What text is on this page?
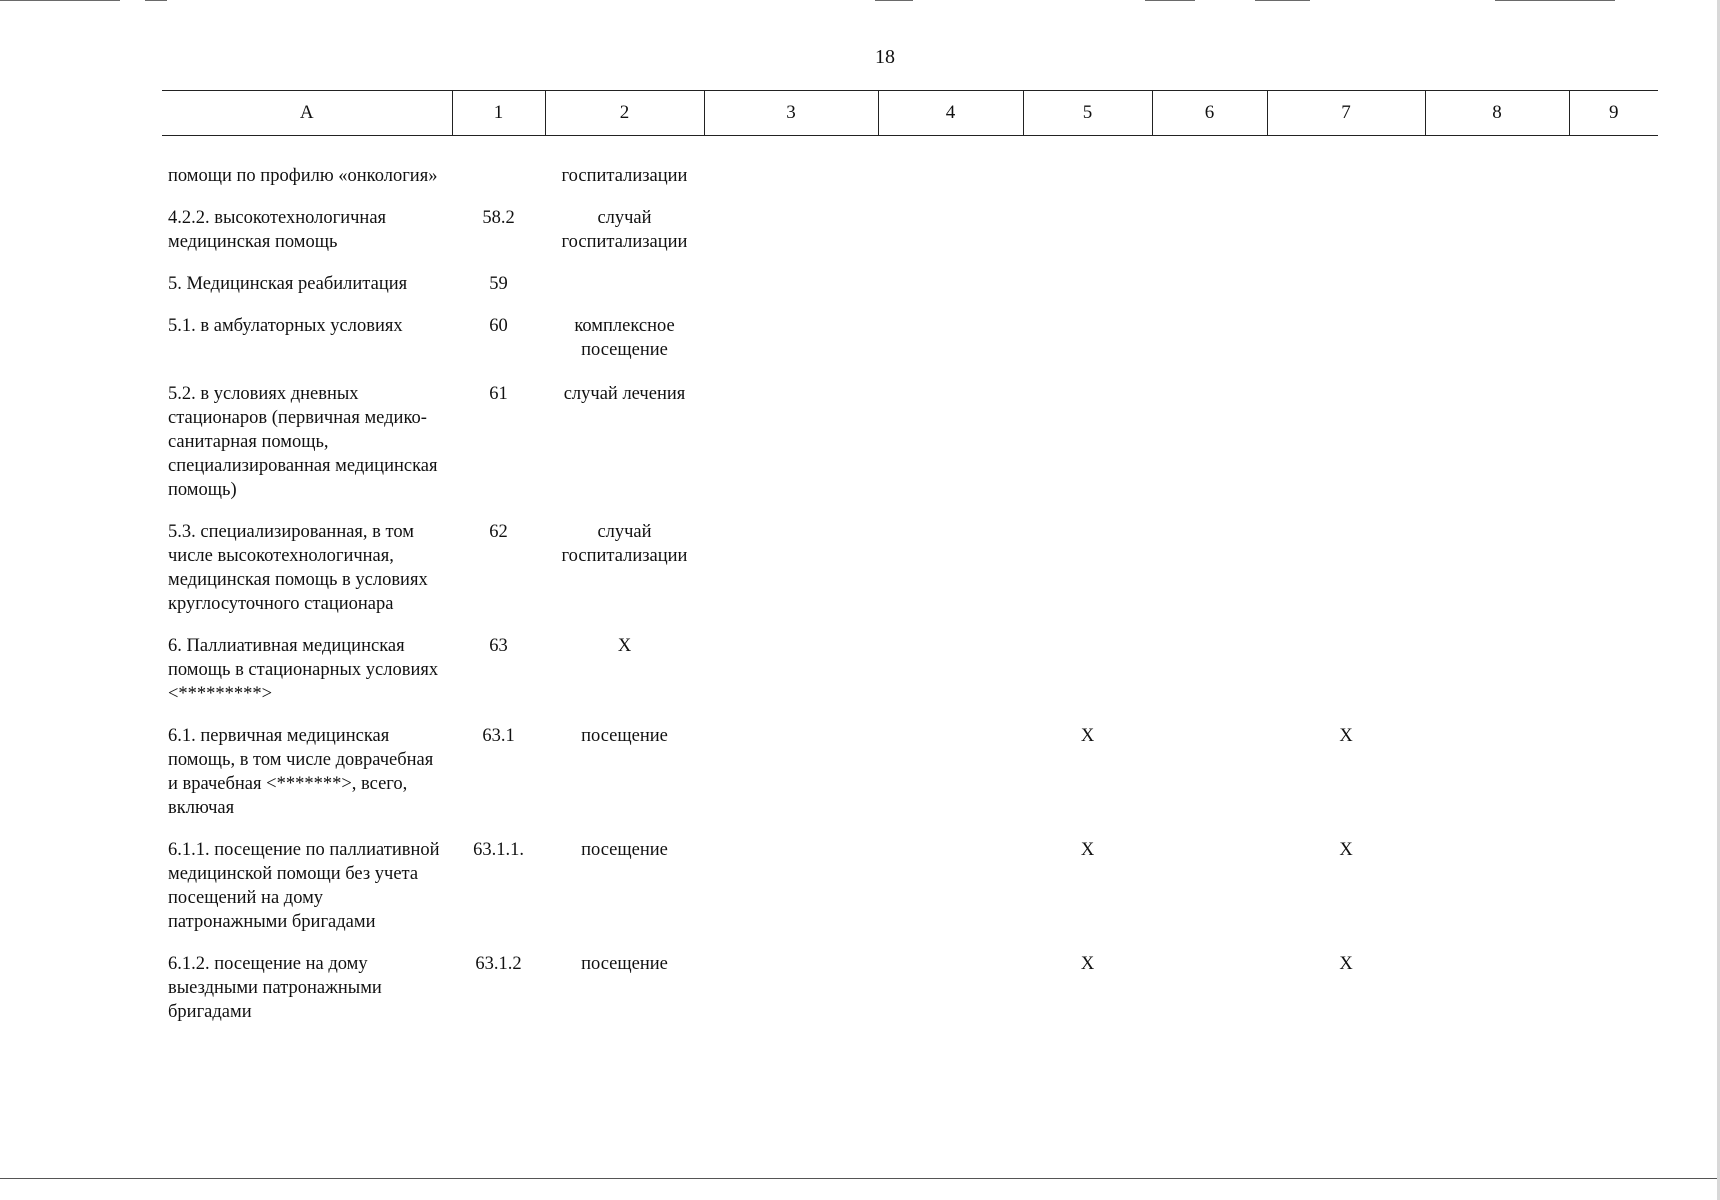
18
А	1	2	3	4	5	6	7	8	9
помощи по профилю «онкология»		госпитализации							
4.2.2. высокотехнологичная медицинская помощь	58.2	случай госпитализации							
5. Медицинская реабилитация	59								
5.1. в амбулаторных условиях	60	комплексное посещение							
5.2. в условиях дневных стационаров (первичная медико-санитарная помощь, специализированная медицинская помощь)	61	случай лечения							
5.3. специализированная, в том числе высокотехнологичная, медицинская помощь в условиях круглосуточного стационара	62	случай госпитализации							
6. Паллиативная медицинская помощь в стационарных условиях <*********>	63	X							
6.1. первичная медицинская помощь, в том числе доврачебная и врачебная <*******>, всего, включая	63.1	посещение			X		X		
6.1.1. посещение по паллиативной медицинской помощи без учета посещений на дому патронажными бригадами	63.1.1.	посещение			X		X		
6.1.2. посещение на дому выездными патронажными бригадами	63.1.2	посещение			X		X		
